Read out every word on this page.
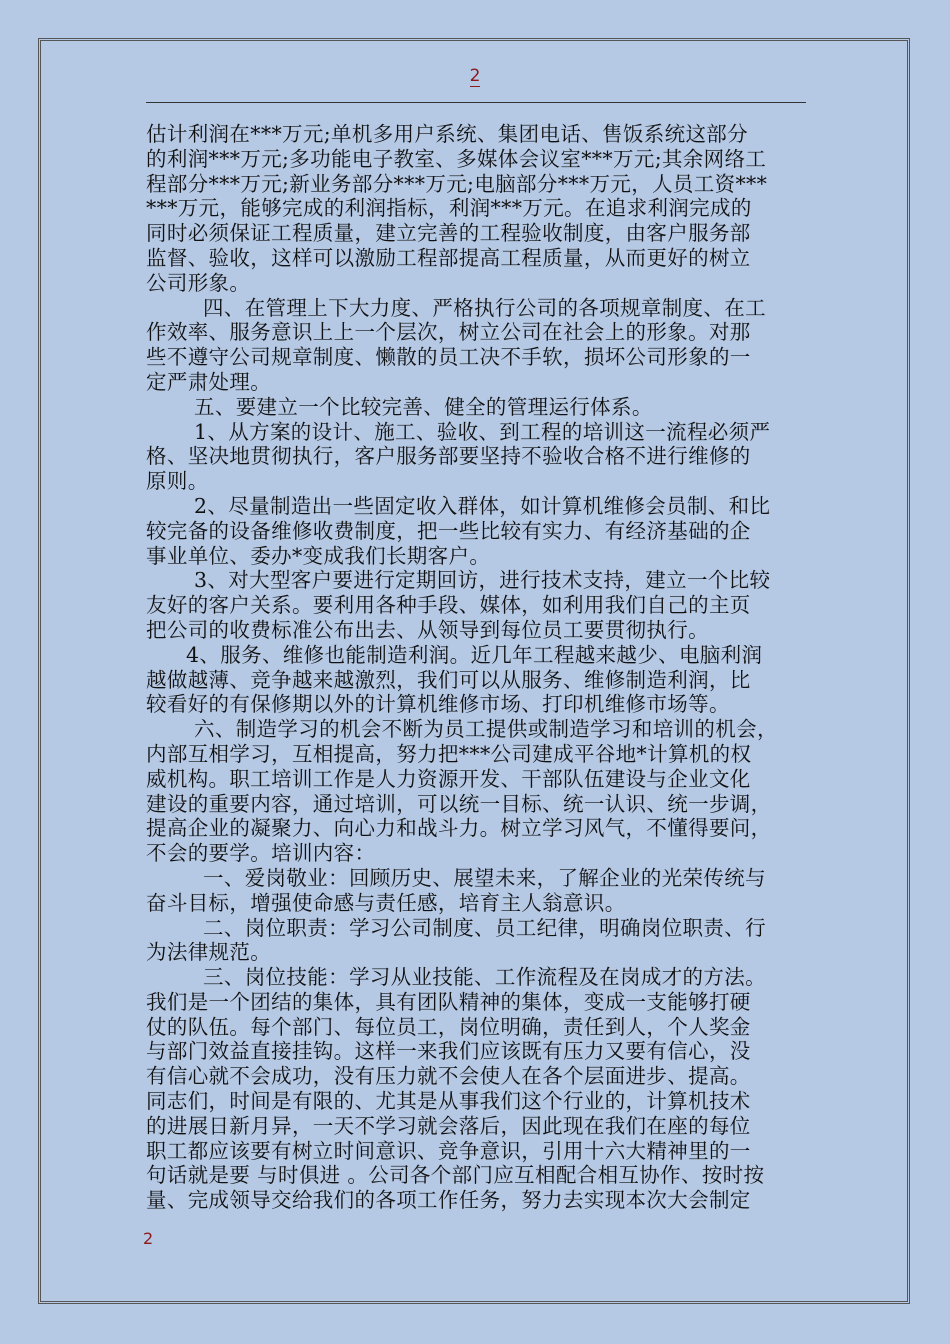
2
估计利润在***万元;单机多用户系统、集团电话、售饭系统这部分
的利润***万元;多功能电子教室、多媒体会议室***万元;其余网络工
程部分***万元;新业务部分***万元;电脑部分***万元，人员工资***
***万元，能够完成的利润指标，利润***万元。在追求利润完成的
同时必须保证工程质量，建立完善的工程验收制度，由客户服务部
监督、验收，这样可以激励工程部提高工程质量，从而更好的树立
公司形象。
四、在管理上下大力度、严格执行公司的各项规章制度、在工
作效率、服务意识上上一个层次，树立公司在社会上的形象。对那
些不遵守公司规章制度、懒散的员工决不手软，损坏公司形象的一
定严肃处理。
五、要建立一个比较完善、健全的管理运行体系。
1、从方案的设计、施工、验收、到工程的培训这一流程必须严
格、坚决地贯彻执行，客户服务部要坚持不验收合格不进行维修的
原则。
2、尽量制造出一些固定收入群体，如计算机维修会员制、和比
较完备的设备维修收费制度，把一些比较有实力、有经济基础的企
事业单位、委办*变成我们长期客户。
3、对大型客户要进行定期回访，进行技术支持，建立一个比较
友好的客户关系。要利用各种手段、媒体，如利用我们自己的主页
把公司的收费标准公布出去、从领导到每位员工要贯彻执行。
4、服务、维修也能制造利润。近几年工程越来越少、电脑利润
越做越薄、竞争越来越激烈，我们可以从服务、维修制造利润，比
较看好的有保修期以外的计算机维修市场、打印机维修市场等。
六、制造学习的机会不断为员工提供或制造学习和培训的机会，
内部互相学习，互相提高，努力把***公司建成平谷地*计算机的权
威机构。职工培训工作是人力资源开发、干部队伍建设与企业文化
建设的重要内容，通过培训，可以统一目标、统一认识、统一步调，
提高企业的凝聚力、向心力和战斗力。树立学习风气，不懂得要问，
不会的要学。培训内容：
一、爱岗敬业：回顾历史、展望未来，了解企业的光荣传统与
奋斗目标，增强使命感与责任感，培育主人翁意识。
二、岗位职责：学习公司制度、员工纪律，明确岗位职责、行
为法律规范。
三、岗位技能：学习从业技能、工作流程及在岗成才的方法。
我们是一个团结的集体，具有团队精神的集体，变成一支能够打硬
仗的队伍。每个部门、每位员工，岗位明确，责任到人，个人奖金
与部门效益直接挂钩。这样一来我们应该既有压力又要有信心，没
有信心就不会成功，没有压力就不会使人在各个层面进步、提高。
同志们，时间是有限的、尤其是从事我们这个行业的，计算机技术
的进展日新月异，一天不学习就会落后，因此现在我们在座的每位
职工都应该要有树立时间意识、竞争意识，引用十六大精神里的一
句话就是要 与时俱进 。公司各个部门应互相配合相互协作、按时按
量、完成领导交给我们的各项工作任务，努力去实现本次大会制定
2
